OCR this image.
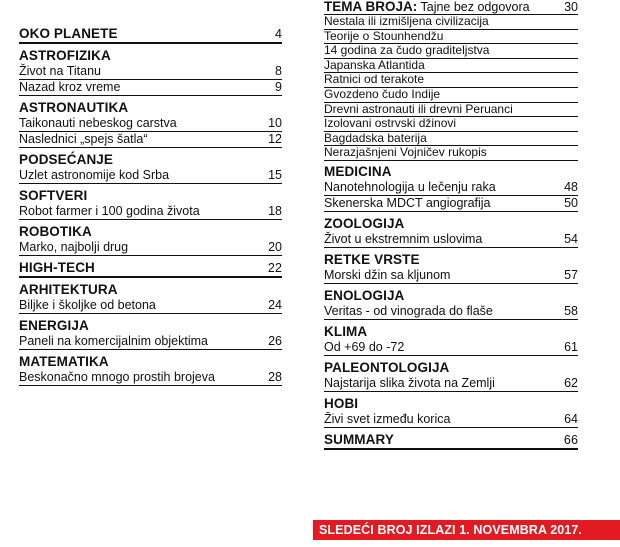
OKO PLANETE	4
ASTROFIZIKA
Život na Titanu	8
Nazad kroz vreme	9
ASTRONAUTIKA
Taikonauti nebeskog carstva	10
Naslednici „spejs šatla“	12
PODSEĆANJE
Uzlet astronomije kod Srba	15
SOFTVERI
Robot farmer i 100 godina života	18
ROBOTIKA
Marko, najbolji drug	20
HIGH-TECH	22
ARHITEKTURA
Biljke i školjke od betona	24
ENERGIJA
Paneli na komercijalnim objektima	26
MATEMATIKA
Beskonačno mnogo prostih brojeva	28
TEMA BROJA: Tajne bez odgovora	30
Nestala ili izmišljena civilizacija
Teorije o Stounhendžu
14 godina za čudo graditeljstva
Japanska Atlantida
Ratnici od terakote
Gvozdeno čudo Indije
Drevni astronauti ili drevni Peruanci
Izolovani ostrvski džinovi
Bagdadska baterija
Nerazjašnjeni Vojničev rukopis
MEDICINA
Nanotehnologija u lečenju raka	48
Skenerska MDCT angiografija	50
ZOOLOGIJA
Život u ekstremnim uslovima	54
RETKE VRSTE
Morski džin sa kljunom	57
ENOLOGIJA
Veritas - od vinograda do flaše	58
KLIMA
Od +69 do -72	61
PALEONTOLOGIJA
Najstarija slika života na Zemlji	62
HOBI
Živi svet između korica	64
SUMMARY	66
SLEDEĆI BROJ IZLAZI 1. NOVEMBRA 2017.
